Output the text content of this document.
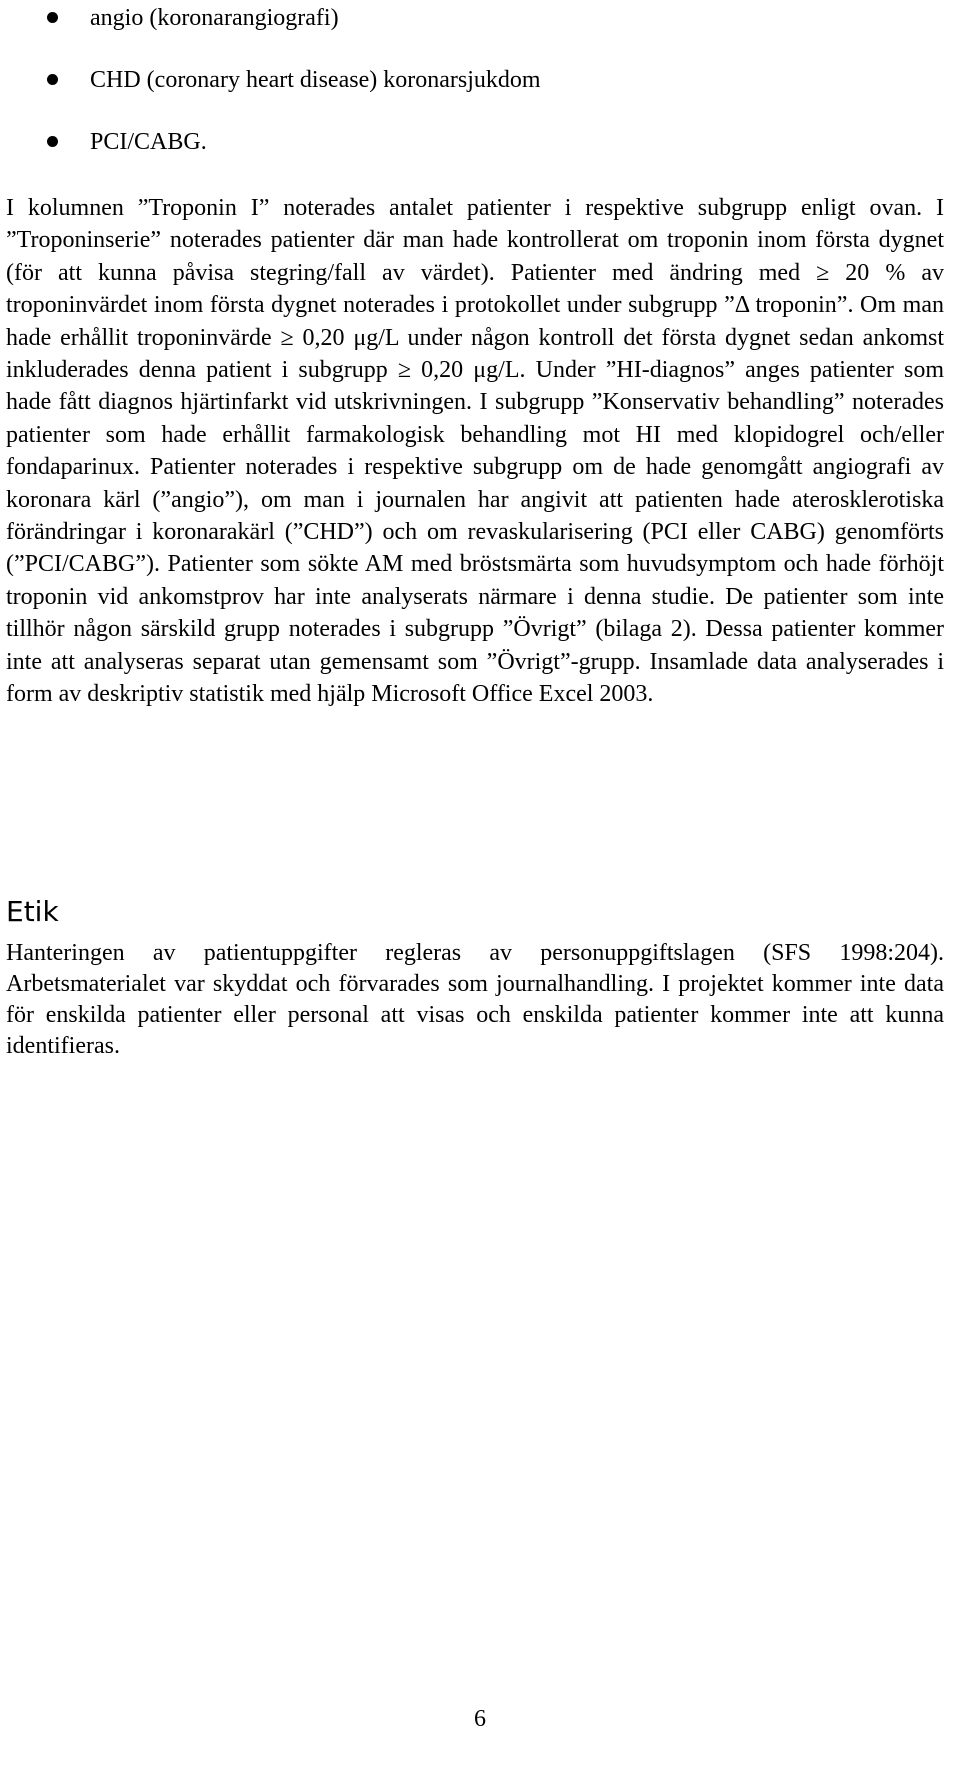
angio (koronarangiografi)
CHD (coronary heart disease) koronarsjukdom
PCI/CABG.

I kolumnen ”Troponin I” noterades antalet patienter i respektive subgrupp enligt ovan. I ”Troponinserie” noterades patienter där man hade kontrollerat om troponin inom första dygnet (för att kunna påvisa stegring/fall av värdet). Patienter med ändring med ≥ 20 % av troponinvärdet inom första dygnet noterades i protokollet under subgrupp ”Δ troponin”. Om man hade erhållit troponinvärde ≥ 0,20 μg/L under någon kontroll det första dygnet sedan ankomst inkluderades denna patient i subgrupp ≥ 0,20 μg/L. Under ”HI-diagnos” anges patienter som hade fått diagnos hjärtinfarkt vid utskrivningen. I subgrupp ”Konservativ behandling” noterades patienter som hade erhållit farmakologisk behandling mot HI med klopidogrel och/eller fondaparinux. Patienter noterades i respektive subgrupp om de hade genomgått angiografi av koronara kärl (”angio”), om man i journalen har angivit att patienten hade aterosklerotiska förändringar i koronarakärl (”CHD”) och om revaskularisering (PCI eller CABG) genomförts (”PCI/CABG”). Patienter som sökte AM med bröstsmärta som huvudsymptom och hade förhöjt troponin vid ankomstprov har inte analyserats närmare i denna studie. De patienter som inte tillhör någon särskild grupp noterades i subgrupp ”Övrigt” (bilaga 2). Dessa patienter kommer inte att analyseras separat utan gemensamt som ”Övrigt”-grupp. Insamlade data analyserades i form av deskriptiv statistik med hjälp Microsoft Office Excel 2003.

Etik

Hanteringen av patientuppgifter regleras av personuppgiftslagen (SFS 1998:204). Arbetsmaterialet var skyddat och förvarades som journalhandling. I projektet kommer inte data för enskilda patienter eller personal att visas och enskilda patienter kommer inte att kunna identifieras.

6
